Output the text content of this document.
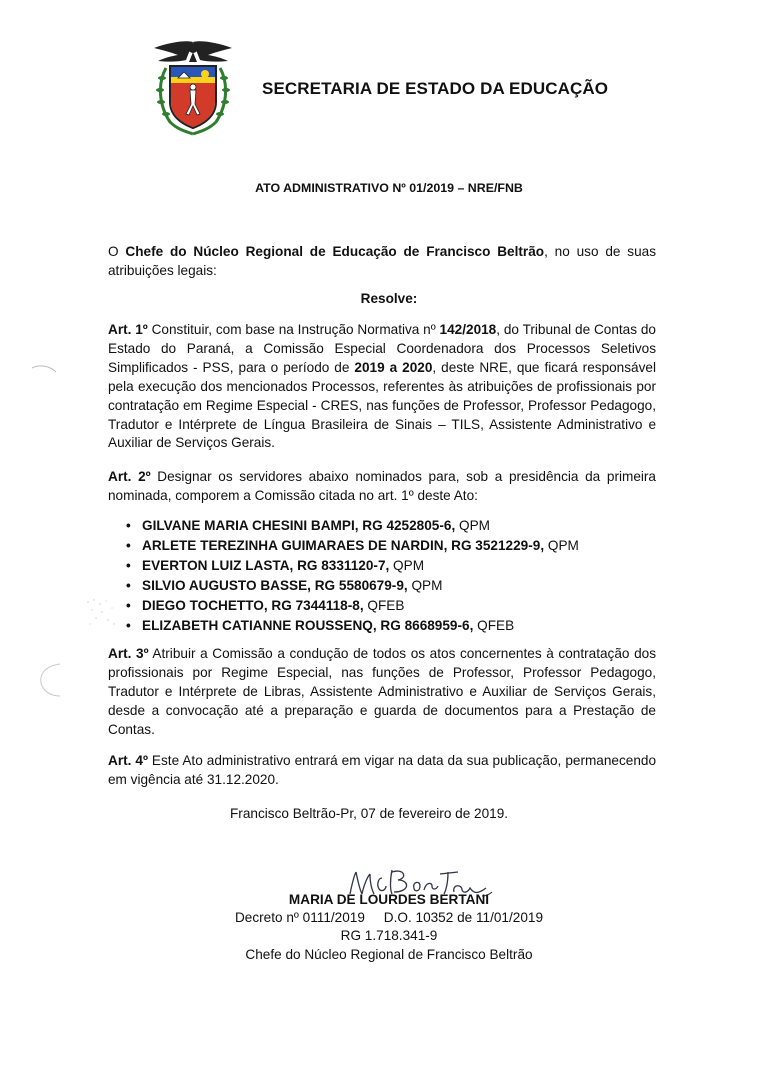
SECRETARIA DE ESTADO DA EDUCAÇÃO
ATO ADMINISTRATIVO Nº 01/2019 – NRE/FNB
O Chefe do Núcleo Regional de Educação de Francisco Beltrão, no uso de suas atribuições legais:
Resolve:
Art. 1º Constituir, com base na Instrução Normativa nº 142/2018, do Tribunal de Contas do Estado do Paraná, a Comissão Especial Coordenadora dos Processos Seletivos Simplificados - PSS, para o período de 2019 a 2020, deste NRE, que ficará responsável pela execução dos mencionados Processos, referentes às atribuições de profissionais por contratação em Regime Especial - CRES, nas funções de Professor, Professor Pedagogo, Tradutor e Intérprete de Língua Brasileira de Sinais – TILS, Assistente Administrativo e Auxiliar de Serviços Gerais.
Art. 2º Designar os servidores abaixo nominados para, sob a presidência da primeira nominada, comporem a Comissão citada no art. 1º deste Ato:
• GILVANE MARIA CHESINI BAMPI, RG 4252805-6, QPM
• ARLETE TEREZINHA GUIMARAES DE NARDIN, RG 3521229-9, QPM
• EVERTON LUIZ LASTA, RG 8331120-7, QPM
• SILVIO AUGUSTO BASSE, RG 5580679-9, QPM
• DIEGO TOCHETTO, RG 7344118-8, QFEB
• ELIZABETH CATIANNE ROUSSENQ, RG 8668959-6, QFEB
Art. 3º Atribuir a Comissão a condução de todos os atos concernentes à contratação dos profissionais por Regime Especial, nas funções de Professor, Professor Pedagogo, Tradutor e Intérprete de Libras, Assistente Administrativo e Auxiliar de Serviços Gerais, desde a convocação até a preparação e guarda de documentos para a Prestação de Contas.
Art. 4º Este Ato administrativo entrará em vigar na data da sua publicação, permanecendo em vigência até 31.12.2020.
Francisco Beltrão-Pr, 07 de fevereiro de 2019.
MARIA DE LOURDES BERTANI
Decreto nº 0111/2019     D.O. 10352 de 11/01/2019
RG 1.718.341-9
Chefe do Núcleo Regional de Francisco Beltrão
